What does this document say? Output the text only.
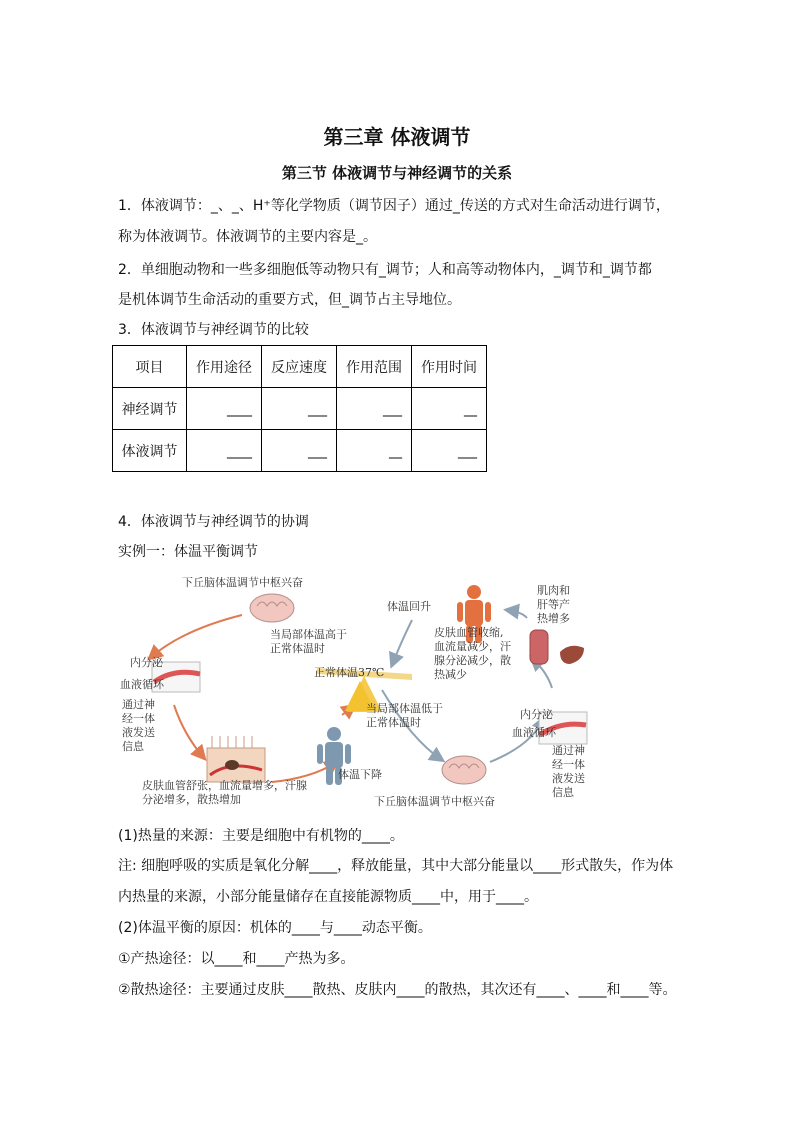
第三章 体液调节
第三节 体液调节与神经调节的关系
1．体液调节：_、_、H⁺等化学物质（调节因子）通过_传送的方式对生命活动进行调节，
称为体液调节。体液调节的主要内容是_。
2．单细胞动物和一些多细胞低等动物只有_调节；人和高等动物体内，_调节和_调节都
是机体调节生命活动的重要方式，但_调节占主导地位。
3．体液调节与神经调节的比较
项目	作用途径	反应速度	作用范围	作用时间
神经调节	____	___	___	__
体液调节	____	___	__	___
4．体液调节与神经调节的协调
实例一：体温平衡调节
下丘脑体温调节中枢兴奋
当局部体温高于
正常体温时
内分泌
血液循环
通过神
经一体
液发送
信息
正常体温37℃
当局部体温低于
正常体温时
体温下降
体温回升
皮肤血管舒张，血流量增多，汗腺
分泌增多，散热增加
皮肤血管收缩,
血流量减少，汗
腺分泌减少，散
热减少
肌肉和
肝等产
热增多
内分泌
血液循环
通过神
经一体
液发送
信息
下丘脑体温调节中枢兴奋
(1)热量的来源：主要是细胞中有机物的____。
注: 细胞呼吸的实质是氧化分解____，释放能量，其中大部分能量以____形式散失，作为体
内热量的来源，小部分能量储存在直接能源物质____中，用于____。
(2)体温平衡的原因：机体的____与____动态平衡。
①产热途径：以____和____产热为多。
②散热途径：主要通过皮肤____散热、皮肤内____的散热，其次还有____、____和____等。
